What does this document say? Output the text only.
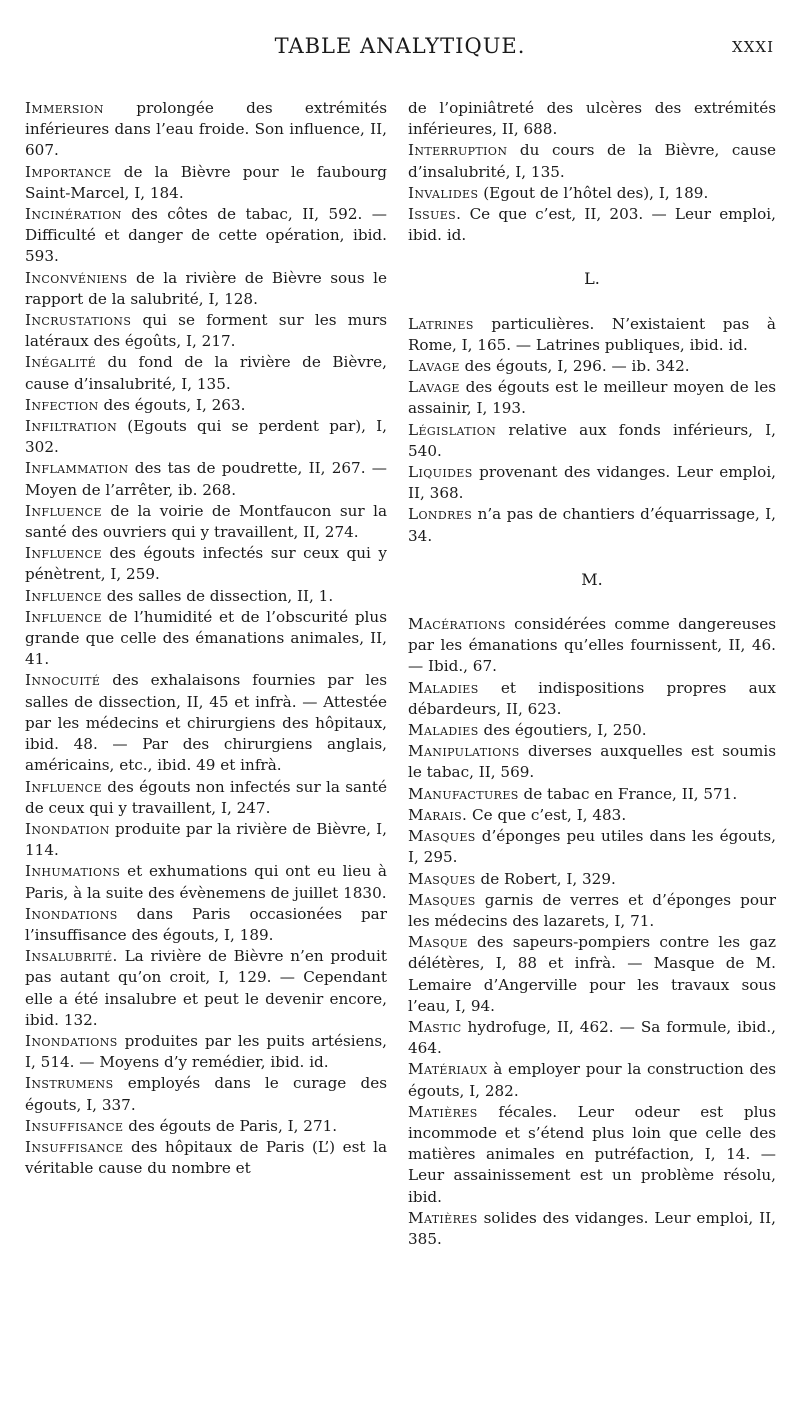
TABLE ANALYTIQUE.	XXXI

Immersion prolongée des extrémités inférieures dans l’eau froide. Son influence, II, 607.

Importance de la Bièvre pour le faubourg Saint-Marcel, I, 184.

Incinération des côtes de tabac, II, 592. — Difficulté et danger de cette opération, ibid. 593.

Inconvéniens de la rivière de Bièvre sous le rapport de la salubrité, I, 128.

Incrustations qui se forment sur les murs latéraux des égoûts, I, 217.

Inégalité du fond de la rivière de Bièvre, cause d’insalubrité, I, 135.

Infection des égouts, I, 263.

Infiltration (Egouts qui se perdent par), I, 302.

Inflammation des tas de poudrette, II, 267. — Moyen de l’arrêter, ib. 268.

Influence de la voirie de Montfaucon sur la santé des ouvriers qui y travaillent, II, 274.

Influence des égouts infectés sur ceux qui y pénètrent, I, 259.

Influence des salles de dissection, II, 1.

Influence de l’humidité et de l’obscurité plus grande que celle des émanations animales, II, 41.

Innocuité des exhalaisons fournies par les salles de dissection, II, 45 et infrà. — Attestée par les médecins et chirurgiens des hôpitaux, ibid. 48. — Par des chirurgiens anglais, américains, etc., ibid. 49 et infrà.

Influence des égouts non infectés sur la santé de ceux qui y travaillent, I, 247.

Inondation produite par la rivière de Bièvre, I, 114.

Inhumations et exhumations qui ont eu lieu à Paris, à la suite des évènemens de juillet 1830.

Inondations dans Paris occasionées par l’insuffisance des égouts, I, 189.

Insalubrité. La rivière de Bièvre n’en produit pas autant qu’on croit, I, 129. — Cependant elle a été insalubre et peut le devenir encore, ibid. 132.

Inondations produites par les puits artésiens, I, 514. — Moyens d’y remédier, ibid. id.

Instrumens employés dans le curage des égouts, I, 337.

Insuffisance des égouts de Paris, I, 271.

Insuffisance des hôpitaux de Paris (L’) est la véritable cause du nombre et

de l’opiniâtreté des ulcères des extrémités inférieures, II, 688.

Interruption du cours de la Bièvre, cause d’insalubrité, I, 135.

Invalides (Egout de l’hôtel des), I, 189.

Issues. Ce que c’est, II, 203. — Leur emploi, ibid. id.

L.

Latrines particulières. N’existaient pas à Rome, I, 165. — Latrines publiques, ibid. id.

Lavage des égouts, I, 296. — ib. 342.

Lavage des égouts est le meilleur moyen de les assainir, I, 193.

Législation relative aux fonds inférieurs, I, 540.

Liquides provenant des vidanges. Leur emploi, II, 368.

Londres n’a pas de chantiers d’équarrissage, I, 34.

M.

Macérations considérées comme dangereuses par les émanations qu’elles fournissent, II, 46. — Ibid., 67.

Maladies et indispositions propres aux débardeurs, II, 623.

Maladies des égoutiers, I, 250.

Manipulations diverses auxquelles est soumis le tabac, II, 569.

Manufactures de tabac en France, II, 571.

Marais. Ce que c’est, I, 483.

Masques d’éponges peu utiles dans les égouts, I, 295.

Masques de Robert, I, 329.

Masques garnis de verres et d’éponges pour les médecins des lazarets, I, 71.

Masque des sapeurs-pompiers contre les gaz délétères, I, 88 et infrà. — Masque de M. Lemaire d’Angerville pour les travaux sous l’eau, I, 94.

Mastic hydrofuge, II, 462. — Sa formule, ibid., 464.

Matériaux à employer pour la construction des égouts, I, 282.

Matières fécales. Leur odeur est plus incommode et s’étend plus loin que celle des matières animales en putréfaction, I, 14. — Leur assainissement est un problème résolu, ibid.

Matières solides des vidanges. Leur emploi, II, 385.
